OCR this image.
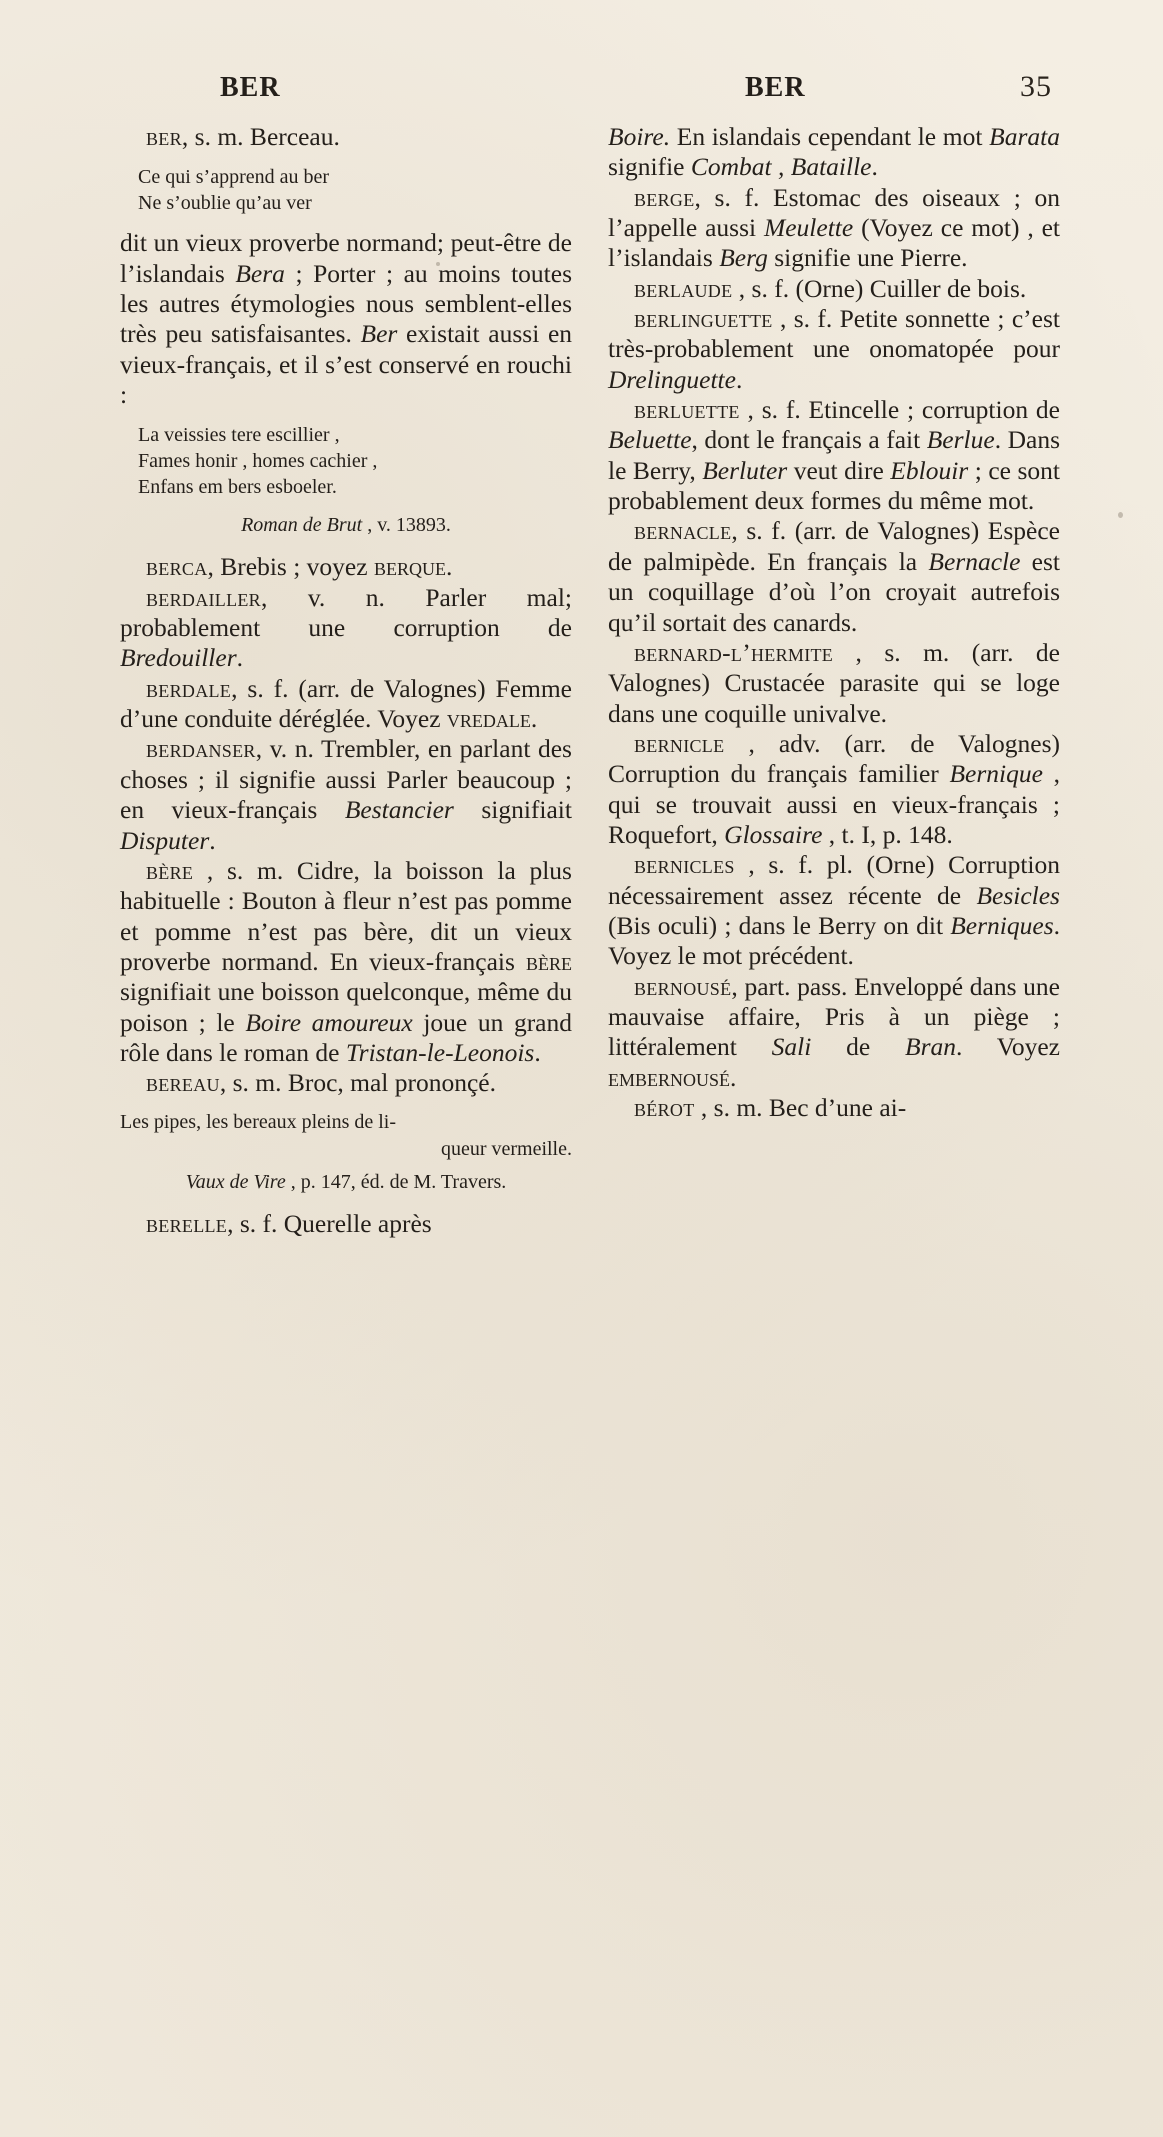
BER	BER	35

ber, s. m. Berceau.

Ce qui s’apprend au ber
Ne s’oublie qu’au ver

dit un vieux proverbe normand; peut-être de l’islandais Bera ; Porter ; au moins toutes les autres étymologies nous semblent-elles très peu satisfaisantes. Ber existait aussi en vieux-français, et il s’est conservé en rouchi :

La veissies tere escillier ,
Fames honir , homes cachier ,
Enfans em bers esboeler.

Roman de Brut , v. 13893.

berca, Brebis ; voyez berque.

berdailler, v. n. Parler mal; probablement une corruption de Bredouiller.

berdale, s. f. (arr. de Valognes) Femme d’une conduite déréglée. Voyez vredale.

berdanser, v. n. Trembler, en parlant des choses ; il signifie aussi Parler beaucoup ; en vieux-français Bestancier signifiait Disputer.

bère , s. m. Cidre, la boisson la plus habituelle : Bouton à fleur n’est pas pomme et pomme n’est pas bère, dit un vieux proverbe normand. En vieux-français bère signifiait une boisson quelconque, même du poison ; le Boire amoureux joue un grand rôle dans le roman de Tristan-le-Leonois.

bereau, s. m. Broc, mal prononçé.

Les pipes, les bereaux pleins de li-
queur vermeille.
Vaux de Vire , p. 147, éd. de M. Travers.

berelle, s. f. Querelle après

Boire. En islandais cependant le mot Barata signifie Combat , Bataille.

berge, s. f. Estomac des oiseaux ; on l’appelle aussi Meulette (Voyez ce mot) , et l’islandais Berg signifie une Pierre.

berlaude , s. f. (Orne) Cuiller de bois.

berlinguette , s. f. Petite sonnette ; c’est très-probablement une onomatopée pour Drelinguette.

berluette , s. f. Etincelle ; corruption de Beluette, dont le français a fait Berlue. Dans le Berry, Berluter veut dire Eblouir ; ce sont probablement deux formes du même mot.

bernacle, s. f. (arr. de Valognes) Espèce de palmipède. En français la Bernacle est un coquillage d’où l’on croyait autrefois qu’il sortait des canards.

bernard-l’hermite , s. m. (arr. de Valognes) Crustacée parasite qui se loge dans une coquille univalve.

bernicle , adv. (arr. de Valognes) Corruption du français familier Bernique , qui se trouvait aussi en vieux-français ; Roquefort, Glossaire , t. I, p. 148.

bernicles , s. f. pl. (Orne) Corruption nécessairement assez récente de Besicles (Bis oculi) ; dans le Berry on dit Berniques. Voyez le mot précédent.

bernousé, part. pass. Enveloppé dans une mauvaise affaire, Pris à un piège ; littéralement Sali de Bran. Voyez embernousé.

bérot , s. m. Bec d’une ai-
